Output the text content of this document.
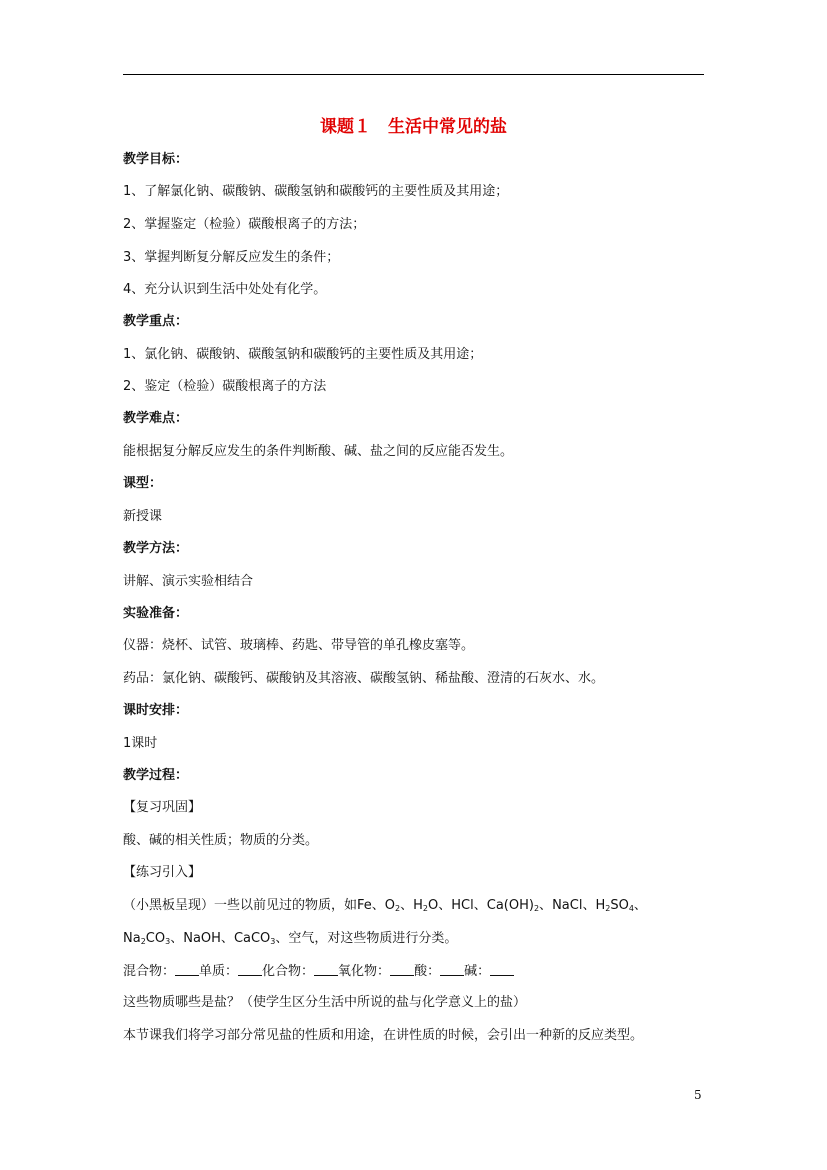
课题１　生活中常见的盐
教学目标：
1、了解氯化钠、碳酸钠、碳酸氢钠和碳酸钙的主要性质及其用途；
2、掌握鉴定（检验）碳酸根离子的方法；
3、掌握判断复分解反应发生的条件；
4、充分认识到生活中处处有化学。
教学重点：
1、氯化钠、碳酸钠、碳酸氢钠和碳酸钙的主要性质及其用途；
2、鉴定（检验）碳酸根离子的方法
教学难点：
能根据复分解反应发生的条件判断酸、碱、盐之间的反应能否发生。
课型：
新授课
教学方法：
讲解、演示实验相结合
实验准备：
仪器：烧杯、试管、玻璃棒、药匙、带导管的单孔橡皮塞等。
药品：氯化钠、碳酸钙、碳酸钠及其溶液、碳酸氢钠、稀盐酸、澄清的石灰水、水。
课时安排：
1课时
教学过程：
【复习巩固】
酸、碱的相关性质；物质的分类。
【练习引入】
（小黑板呈现）一些以前见过的物质，如Fe、$O_2$、$H_2O$、HCl、$Ca(OH)_2$、NaCl、$H_2SO_4$、
$Na_2CO_3$、NaOH、CaCO$_3$、空气，对这些物质进行分类。
混合物： 单质： 化合物： 氧化物： 酸： 碱：
这些物质哪些是盐？（使学生区分生活中所说的盐与化学意义上的盐）
本节课我们将学习部分常见盐的性质和用途，在讲性质的时候，会引出一种新的反应类型。
5
